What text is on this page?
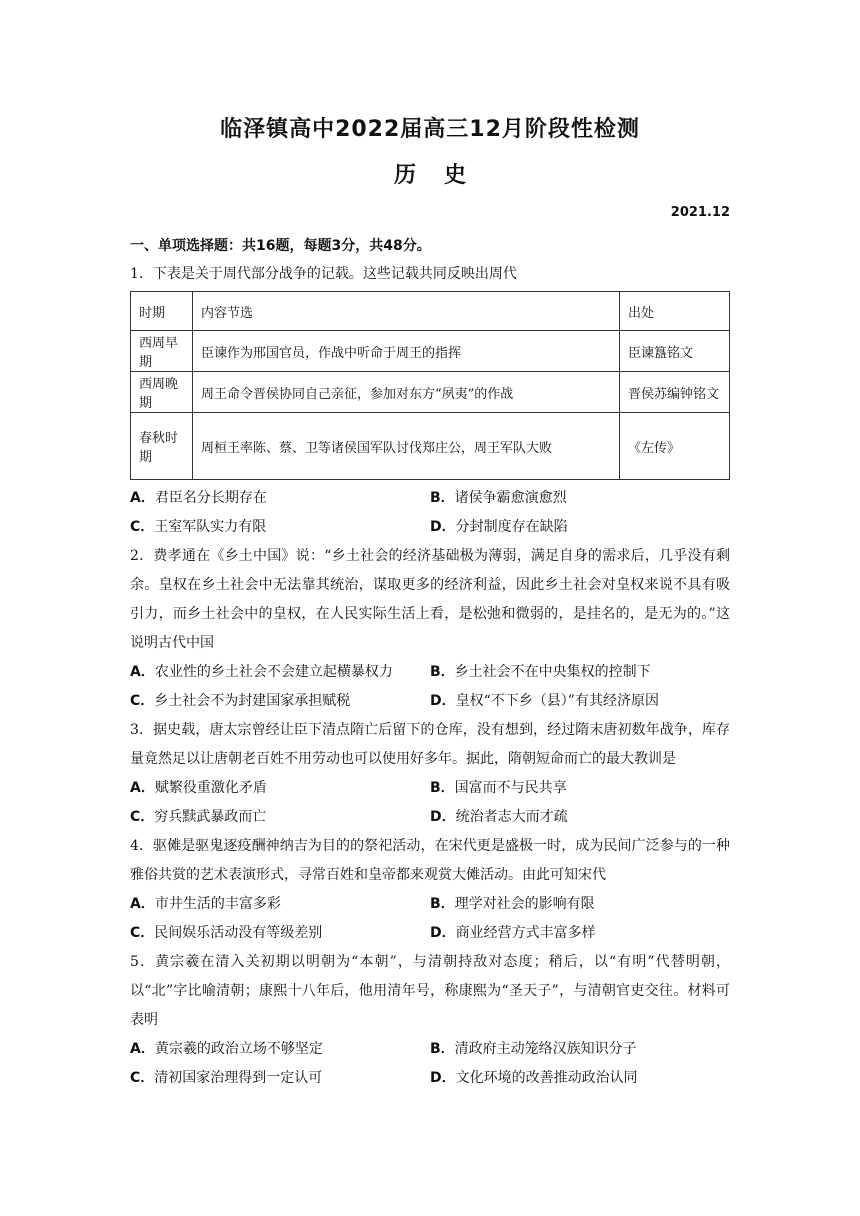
临泽镇高中2022届高三12月阶段性检测
历史
2021.12
一、单项选择题：共16题，每题3分，共48分。
1．下表是关于周代部分战争的记载。这些记载共同反映出周代
时期	内容节选	出处
西周早期	臣谏作为邢国官员，作战中听命于周王的指挥	臣谏簋铭文
西周晚期	周王命令晋侯协同自己亲征，参加对东方“夙夷”的作战	晋侯苏编钟铭文
春秋时期	周桓王率陈、蔡、卫等诸侯国军队讨伐郑庄公，周王军队大败	《左传》
A．君臣名分长期存在	B．诸侯争霸愈演愈烈
C．王室军队实力有限	D．分封制度存在缺陷
2．费孝通在《乡土中国》说：“乡土社会的经济基础极为薄弱，满足自身的需求后，几乎没有剩余。皇权在乡土社会中无法靠其统治，谋取更多的经济利益，因此乡土社会对皇权来说不具有吸引力，而乡土社会中的皇权，在人民实际生活上看，是松弛和微弱的，是挂名的，是无为的。”这说明古代中国
A．农业性的乡土社会不会建立起横暴权力	B．乡土社会不在中央集权的控制下
C．乡土社会不为封建国家承担赋税	D．皇权“不下乡（县）”有其经济原因
3．据史载，唐太宗曾经让臣下清点隋亡后留下的仓库，没有想到，经过隋末唐初数年战争，库存量竟然足以让唐朝老百姓不用劳动也可以使用好多年。据此，隋朝短命而亡的最大教训是
A．赋繁役重激化矛盾	B．国富而不与民共享
C．穷兵黩武暴政而亡	D．统治者志大而才疏
4．驱傩是驱鬼逐疫酬神纳吉为目的的祭祀活动，在宋代更是盛极一时，成为民间广泛参与的一种雅俗共赏的艺术表演形式，寻常百姓和皇帝都来观赏大傩活动。由此可知宋代
A．市井生活的丰富多彩	B．理学对社会的影响有限
C．民间娱乐活动没有等级差别	D．商业经营方式丰富多样
5．黄宗羲在清入关初期以明朝为“本朝”，与清朝持敌对态度；稍后，以“有明”代替明朝，以“北”字比喻清朝；康熙十八年后，他用清年号，称康熙为“圣天子”，与清朝官吏交往。材料可表明
A．黄宗羲的政治立场不够坚定	B．清政府主动笼络汉族知识分子
C．清初国家治理得到一定认可	D．文化环境的改善推动政治认同
